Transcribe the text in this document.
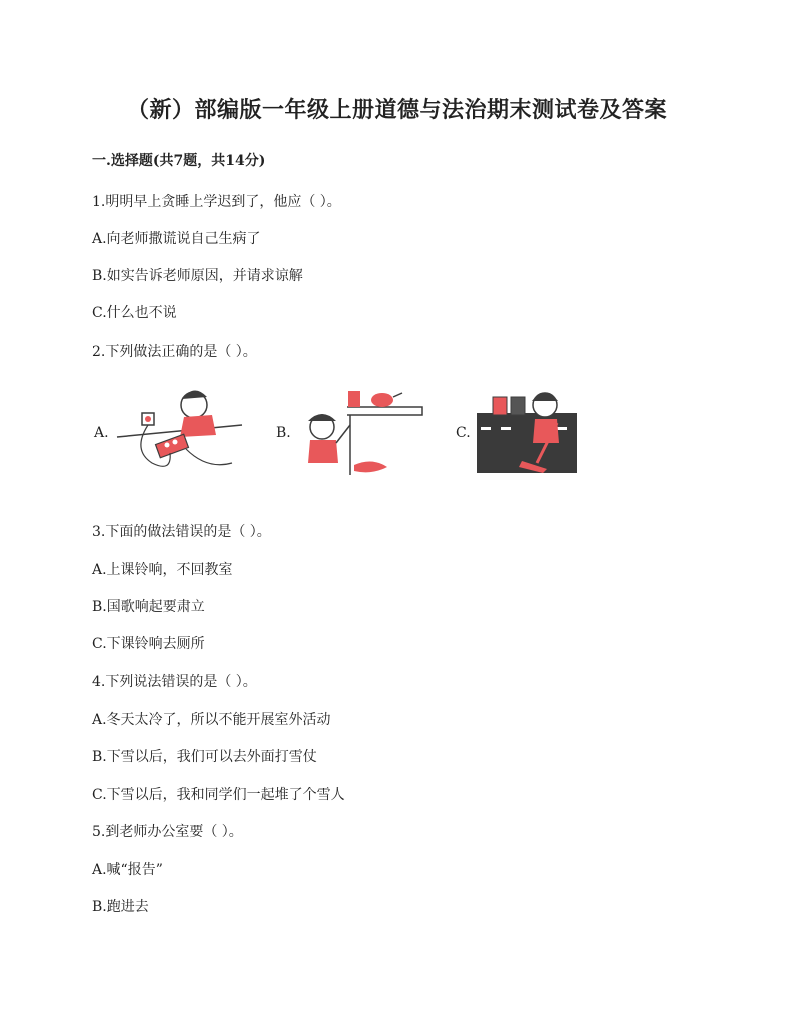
（新）部编版一年级上册道德与法治期末测试卷及答案
一.选择题(共7题，共14分)
1.明明早上贪睡上学迟到了，他应（ ）。
A.向老师撒谎说自己生病了
B.如实告诉老师原因，并请求谅解
C.什么也不说
2.下列做法正确的是（ ）。
A.	B.	C.
3.下面的做法错误的是（ ）。
A.上课铃响，不回教室
B.国歌响起要肃立
C.下课铃响去厕所
4.下列说法错误的是（ ）。
A.冬天太冷了，所以不能开展室外活动
B.下雪以后，我们可以去外面打雪仗
C.下雪以后，我和同学们一起堆了个雪人
5.到老师办公室要（ ）。
A.喊“报告”
B.跑进去
